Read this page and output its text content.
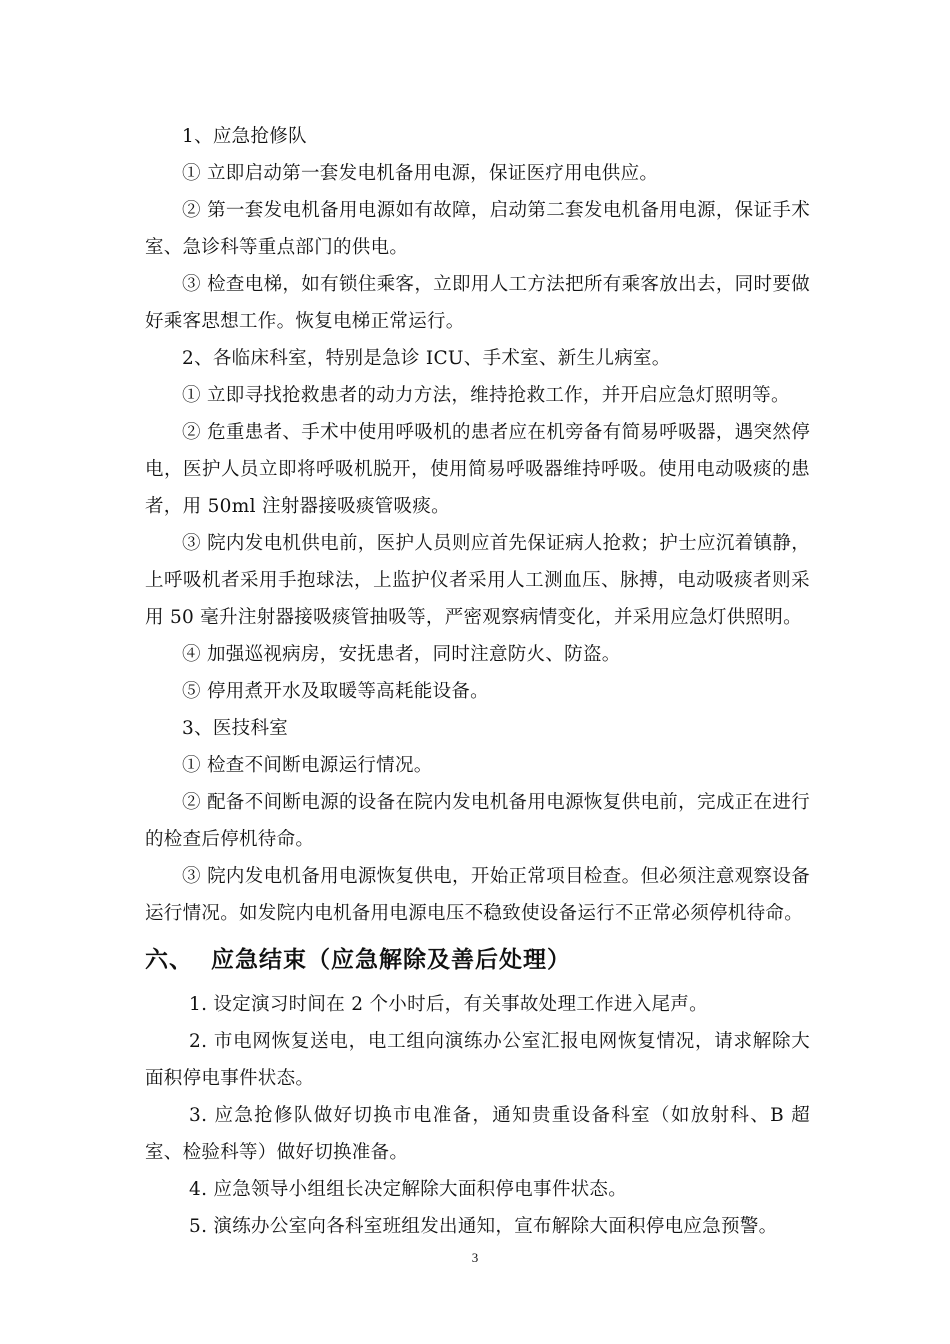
1、应急抢修队

① 立即启动第一套发电机备用电源，保证医疗用电供应。

② 第一套发电机备用电源如有故障，启动第二套发电机备用电源，保证手术室、急诊科等重点部门的供电。

③ 检查电梯，如有锁住乘客，立即用人工方法把所有乘客放出去，同时要做好乘客思想工作。恢复电梯正常运行。

2、各临床科室，特别是急诊 ICU、手术室、新生儿病室。

① 立即寻找抢救患者的动力方法，维持抢救工作，并开启应急灯照明等。

② 危重患者、手术中使用呼吸机的患者应在机旁备有简易呼吸器，遇突然停电，医护人员立即将呼吸机脱开，使用简易呼吸器维持呼吸。使用电动吸痰的患者，用 50ml 注射器接吸痰管吸痰。

③ 院内发电机供电前，医护人员则应首先保证病人抢救；护士应沉着镇静，上呼吸机者采用手抱球法，上监护仪者采用人工测血压、脉搏，电动吸痰者则采用 50 毫升注射器接吸痰管抽吸等，严密观察病情变化，并采用应急灯供照明。

④ 加强巡视病房，安抚患者，同时注意防火、防盗。

⑤ 停用煮开水及取暖等高耗能设备。

3、医技科室

① 检查不间断电源运行情况。

② 配备不间断电源的设备在院内发电机备用电源恢复供电前，完成正在进行的检查后停机待命。

③ 院内发电机备用电源恢复供电，开始正常项目检查。但必须注意观察设备运行情况。如发院内电机备用电源电压不稳致使设备运行不正常必须停机待命。

六、 应急结束（应急解除及善后处理）

1. 设定演习时间在 2 个小时后，有关事故处理工作进入尾声。

2. 市电网恢复送电，电工组向演练办公室汇报电网恢复情况，请求解除大面积停电事件状态。

3. 应急抢修队做好切换市电准备，通知贵重设备科室（如放射科、B 超室、检验科等）做好切换准备。

4. 应急领导小组组长决定解除大面积停电事件状态。

5. 演练办公室向各科室班组发出通知，宣布解除大面积停电应急预警。

3
